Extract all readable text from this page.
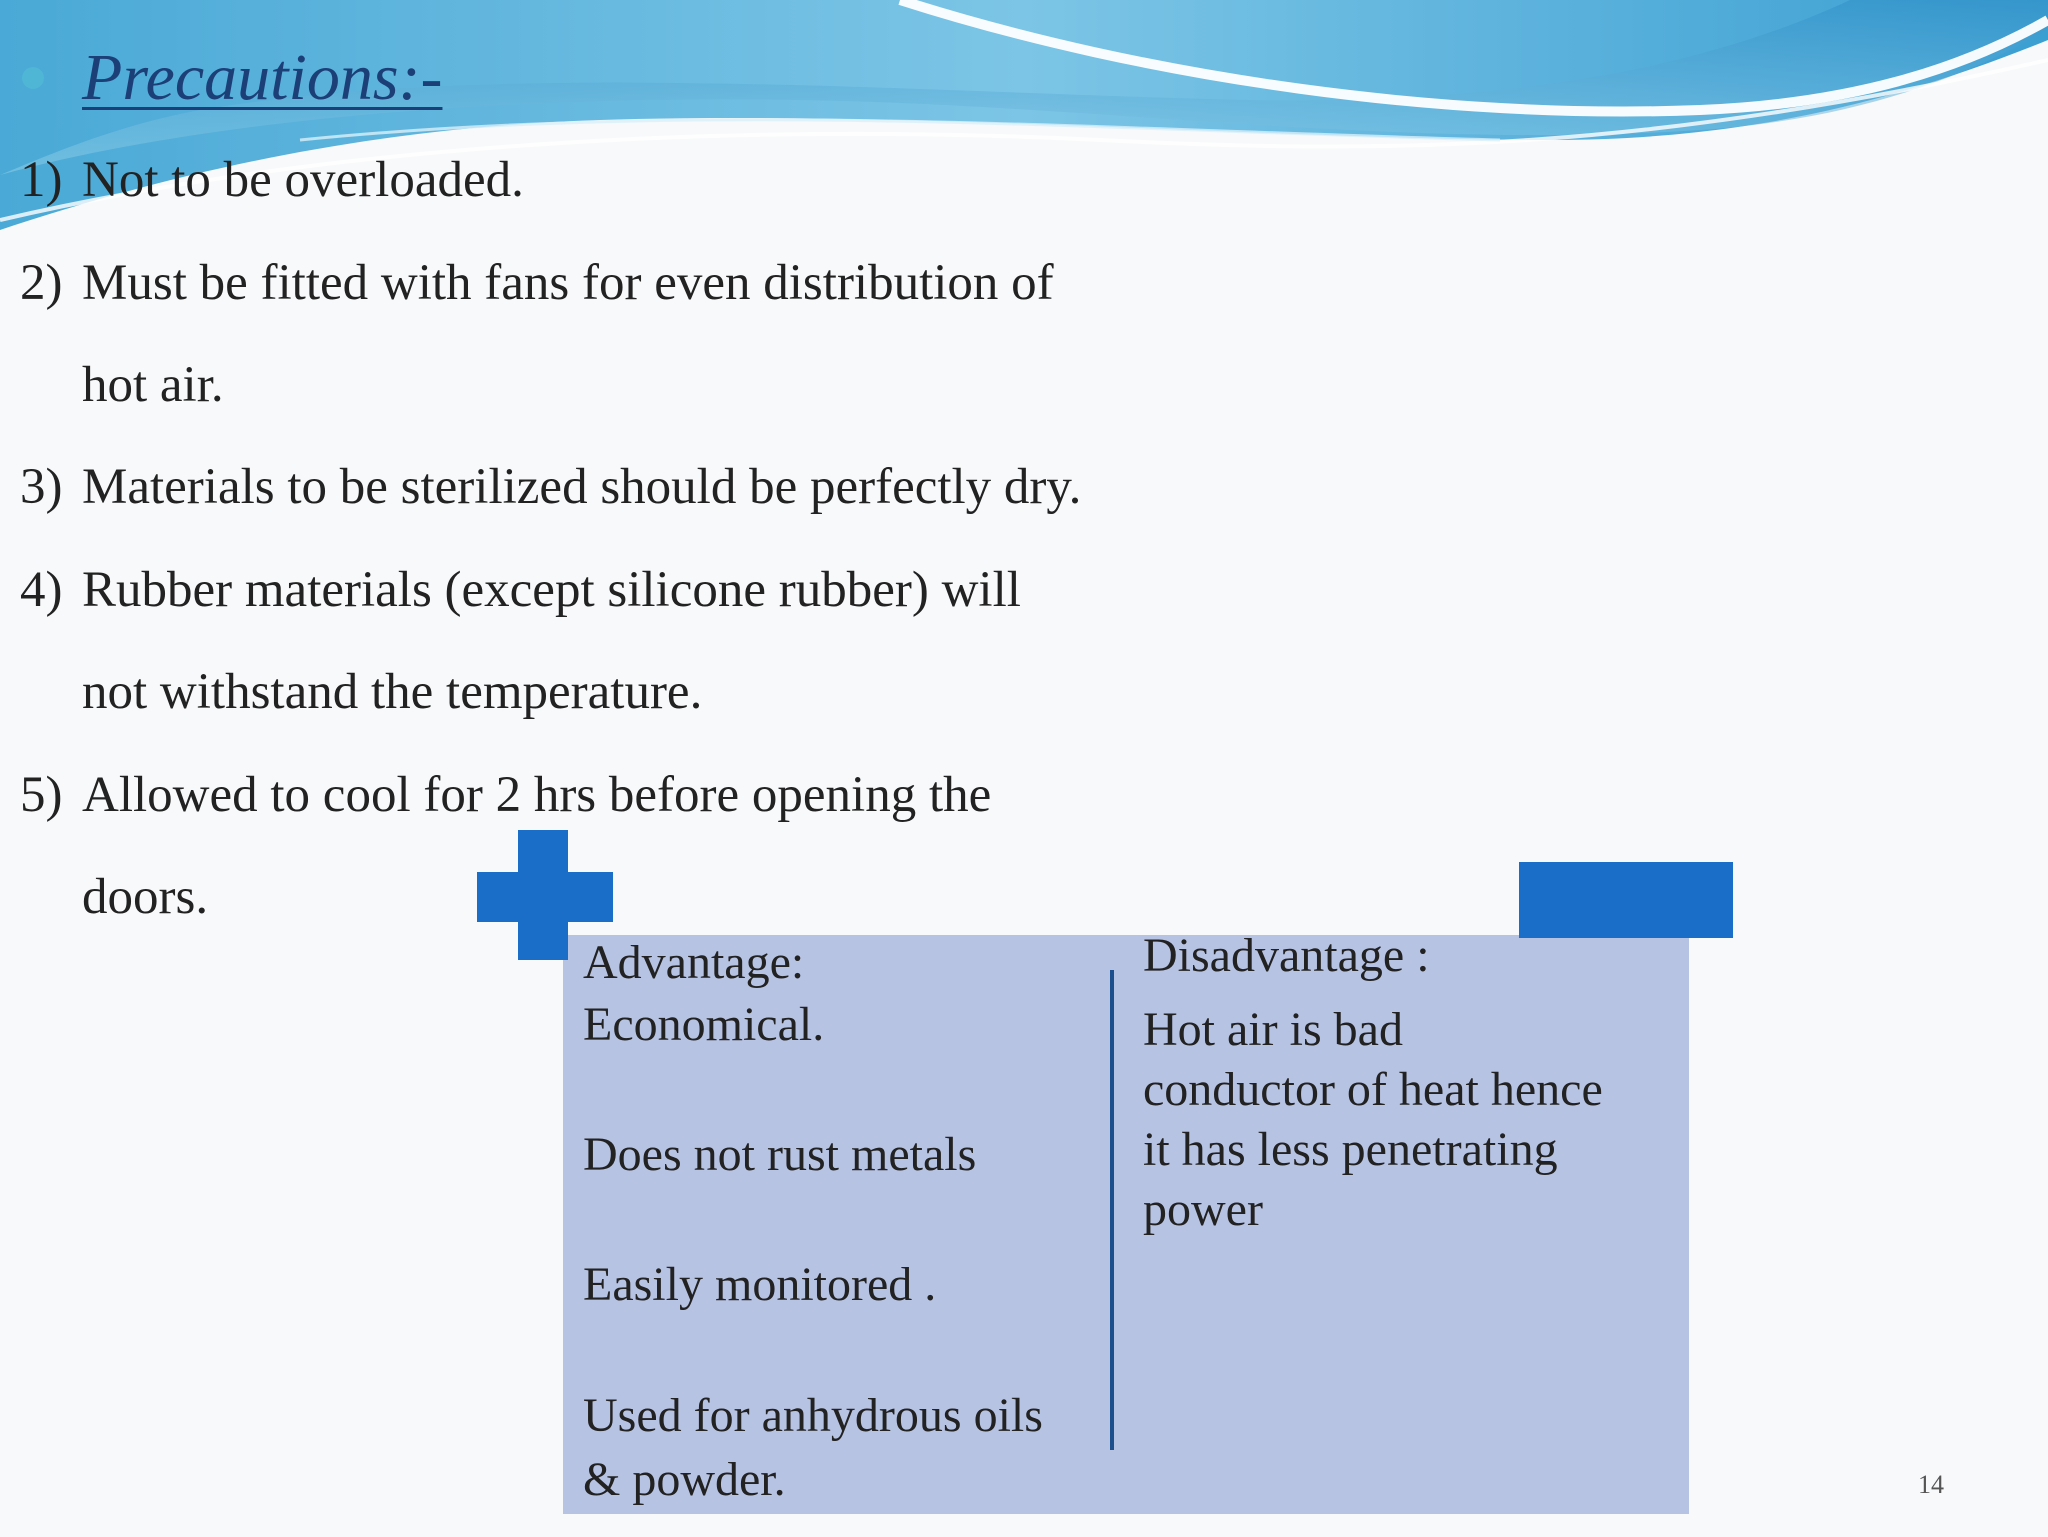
Precautions:-
1) Not to be overloaded.
2) Must be fitted with fans for even distribution of
hot air.
3) Materials to be sterilized should be perfectly dry.
4) Rubber materials (except silicone rubber) will
not withstand the temperature.
5) Allowed to cool for 2 hrs before opening the
doors.
Advantage:
Economical.
Does not rust metals
Easily monitored .
Used for anhydrous oils & powder.
Disadvantage :
Hot air is bad conductor of heat hence it has less penetrating power
14
